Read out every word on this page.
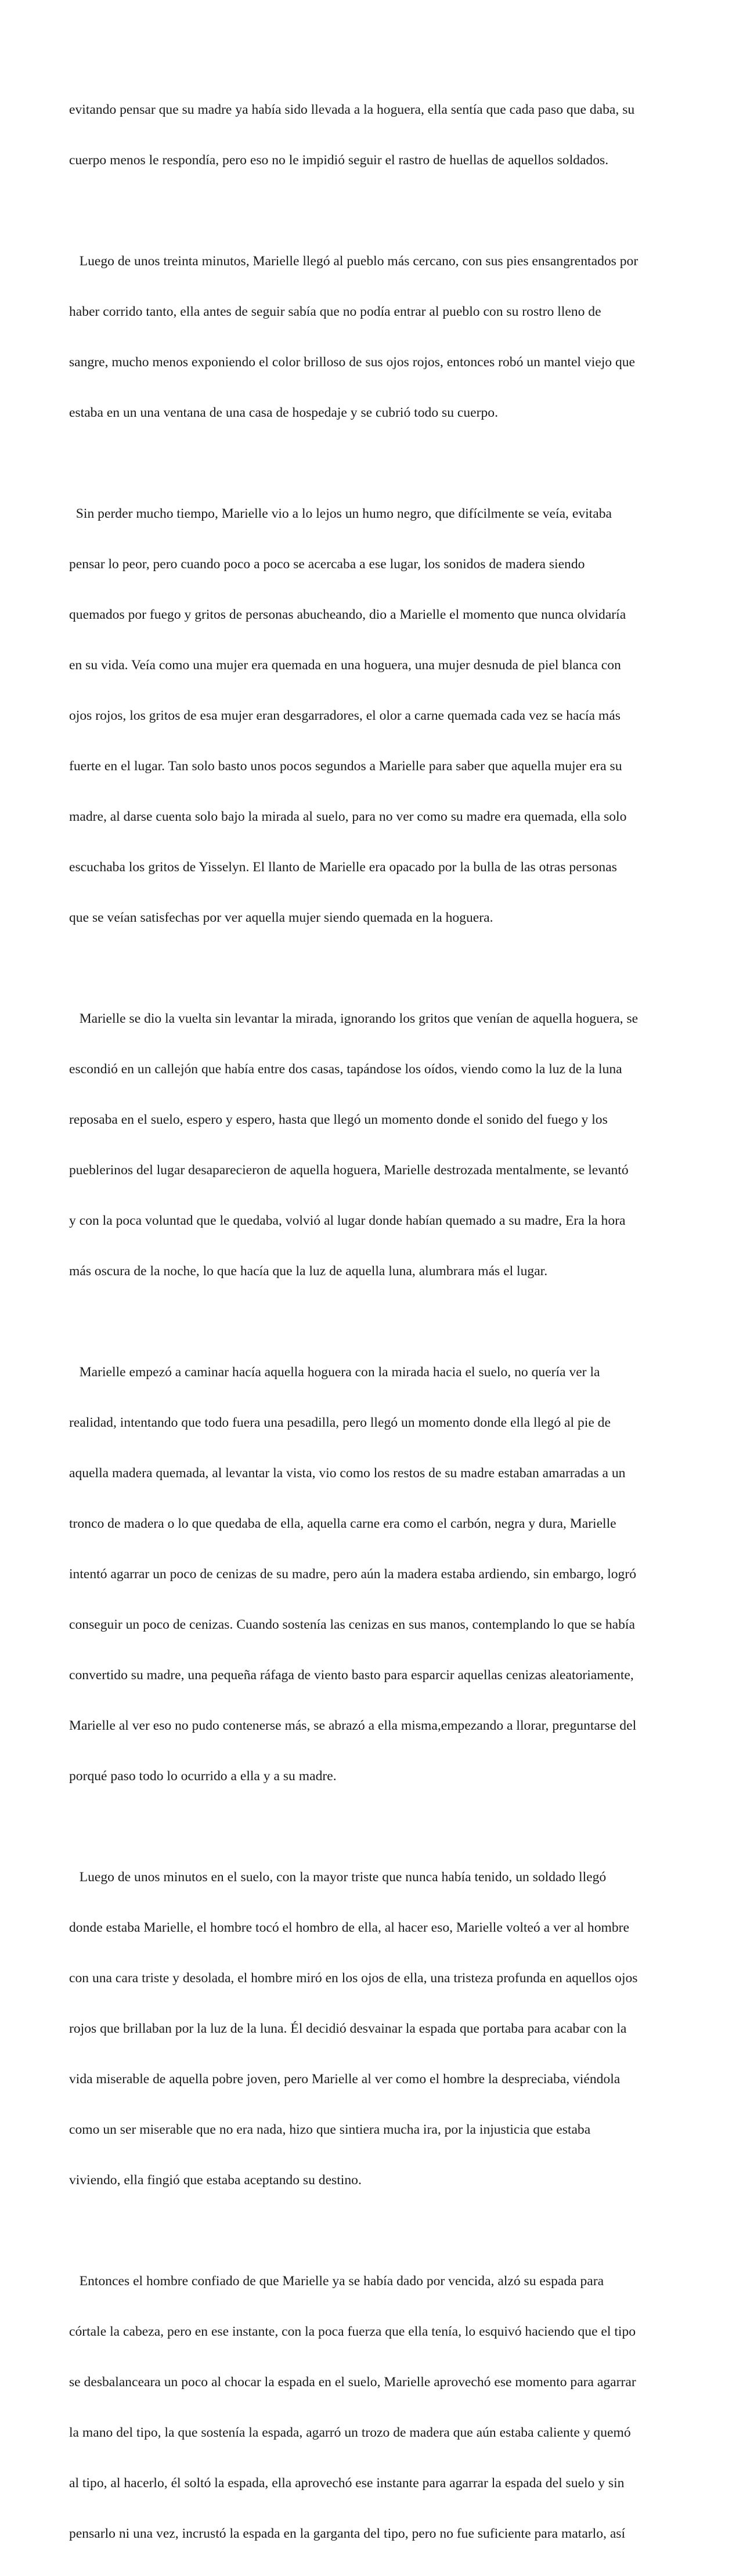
evitando pensar que su madre ya había sido llevada a la hoguera, ella sentía que cada paso que daba, su

cuerpo menos le respondía, pero eso no le impidió seguir el rastro de huellas de aquellos soldados.

Luego de unos treinta minutos, Marielle llegó al pueblo más cercano, con sus pies ensangrentados por

haber corrido tanto, ella antes de seguir sabía que no podía entrar al pueblo con su rostro lleno de

sangre, mucho menos exponiendo el color brilloso de sus ojos rojos, entonces robó un mantel viejo que

estaba en un una ventana de una casa de hospedaje y se cubrió todo su cuerpo.

Sin perder mucho tiempo, Marielle vio a lo lejos un humo negro, que difícilmente se veía, evitaba

pensar lo peor, pero cuando poco a poco se acercaba a ese lugar, los sonidos de madera siendo

quemados por fuego y gritos de personas abucheando, dio a Marielle el momento que nunca olvidaría

en su vida. Veía como una mujer era quemada en una hoguera, una mujer desnuda de piel blanca con

ojos rojos, los gritos de esa mujer eran desgarradores, el olor a carne quemada cada vez se hacía más

fuerte en el lugar. Tan solo basto unos pocos segundos a Marielle para saber que aquella mujer era su

madre, al darse cuenta solo bajo la mirada al suelo, para no ver como su madre era quemada, ella solo

escuchaba los gritos de Yisselyn. El llanto de Marielle era opacado por la bulla de las otras personas

que se veían satisfechas por ver aquella mujer siendo quemada en la hoguera.

Marielle se dio la vuelta sin levantar la mirada, ignorando los gritos que venían de aquella hoguera, se

escondió en un callejón que había entre dos casas, tapándose los oídos, viendo como la luz de la luna

reposaba en el suelo, espero y espero, hasta que llegó un momento donde el sonido del fuego y los

pueblerinos del lugar desaparecieron de aquella hoguera, Marielle destrozada mentalmente, se levantó

y con la poca voluntad que le quedaba, volvió al lugar donde habían quemado a su madre, Era la hora

más oscura de la noche, lo que hacía que la luz de aquella luna, alumbrara más el lugar.

Marielle empezó a caminar hacía aquella hoguera con la mirada hacia el suelo, no quería ver la

realidad, intentando que todo fuera una pesadilla, pero llegó un momento donde ella llegó al pie de

aquella madera quemada, al levantar la vista, vio como los restos de su madre estaban amarradas a un

tronco de madera o lo que quedaba de ella, aquella carne era como el carbón, negra y dura, Marielle

intentó agarrar un poco de cenizas de su madre, pero aún la madera estaba ardiendo, sin embargo, logró

conseguir un poco de cenizas. Cuando sostenía las cenizas en sus manos, contemplando lo que se había

convertido su madre, una pequeña ráfaga de viento basto para esparcir aquellas cenizas aleatoriamente,

Marielle al ver eso no pudo contenerse más, se abrazó a ella misma,empezando a llorar, preguntarse del

porqué paso todo lo ocurrido a ella y a su madre.

Luego de unos minutos en el suelo, con la mayor triste que nunca había tenido, un soldado llegó

donde estaba Marielle, el hombre tocó el hombro de ella, al hacer eso, Marielle volteó a ver al hombre

con una cara triste y desolada, el hombre miró en los ojos de ella, una tristeza profunda en aquellos ojos

rojos que brillaban por la luz de la luna. Él decidió desvainar la espada que portaba para acabar con la

vida miserable de aquella pobre joven, pero Marielle al ver como el hombre la despreciaba, viéndola

como un ser miserable que no era nada, hizo que sintiera mucha ira, por la injusticia que estaba

viviendo, ella fingió que estaba aceptando su destino.

Entonces el hombre confiado de que Marielle ya se había dado por vencida, alzó su espada para

córtale la cabeza, pero en ese instante, con la poca fuerza que ella tenía, lo esquivó haciendo que el tipo

se desbalanceara un poco al chocar la espada en el suelo, Marielle aprovechó ese momento para agarrar

la mano del tipo, la que sostenía la espada, agarró un trozo de madera que aún estaba caliente y quemó

al tipo, al hacerlo, él soltó la espada, ella aprovechó ese instante para agarrar la espada del suelo y sin

pensarlo ni una vez, incrustó la espada en la garganta del tipo, pero no fue suficiente para matarlo, así
